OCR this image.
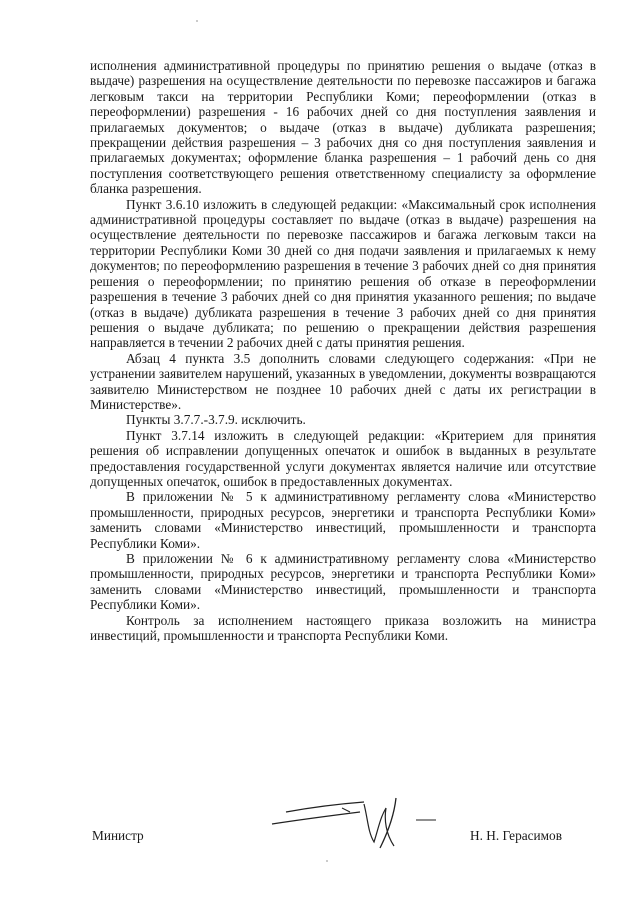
исполнения административной процедуры по принятию решения о выдаче (отказ в выдаче) разрешения на осуществление деятельности по перевозке пассажиров и багажа легковым такси на территории Республики Коми; переоформлении (отказ в переоформлении) разрешения - 16 рабочих дней со дня поступления заявления и прилагаемых документов; о выдаче (отказ в выдаче) дубликата разрешения; прекращении действия разрешения – 3 рабочих дня со дня поступления заявления и прилагаемых документах; оформление бланка разрешения – 1 рабочий день со дня поступления соответствующего решения ответственному специалисту за оформление бланка разрешения.

Пункт 3.6.10 изложить в следующей редакции: «Максимальный срок исполнения административной процедуры составляет по выдаче (отказ в выдаче) разрешения на осуществление деятельности по перевозке пассажиров и багажа легковым такси на территории Республики Коми 30 дней со дня подачи заявления и прилагаемых к нему документов; по переоформлению разрешения в течение 3 рабочих дней со дня принятия решения о переоформлении; по принятию решения об отказе в переоформлении разрешения в течение 3 рабочих дней со дня принятия указанного решения; по выдаче (отказ в выдаче) дубликата разрешения в течение 3 рабочих дней со дня принятия решения о выдаче дубликата; по решению о прекращении действия разрешения направляется в течении 2 рабочих дней с даты принятия решения.

Абзац 4 пункта 3.5 дополнить словами следующего содержания: «При не устранении заявителем нарушений, указанных в уведомлении, документы возвращаются заявителю Министерством не позднее 10 рабочих дней с даты их регистрации в Министерстве».

Пункты 3.7.7.-3.7.9. исключить.

Пункт 3.7.14 изложить в следующей редакции: «Критерием для принятия решения об исправлении допущенных опечаток и ошибок в выданных в результате предоставления государственной услуги документах является наличие или отсутствие допущенных опечаток, ошибок в предоставленных документах.

В приложении № 5 к административному регламенту слова «Министерство промышленности, природных ресурсов, энергетики и транспорта Республики Коми» заменить словами «Министерство инвестиций, промышленности и транспорта Республики Коми».

В приложении № 6 к административному регламенту слова «Министерство промышленности, природных ресурсов, энергетики и транспорта Республики Коми» заменить словами «Министерство инвестиций, промышленности и транспорта Республики Коми».

Контроль за исполнением настоящего приказа возложить на министра инвестиций, промышленности и транспорта Республики Коми.

Министр	Н. Н. Герасимов
